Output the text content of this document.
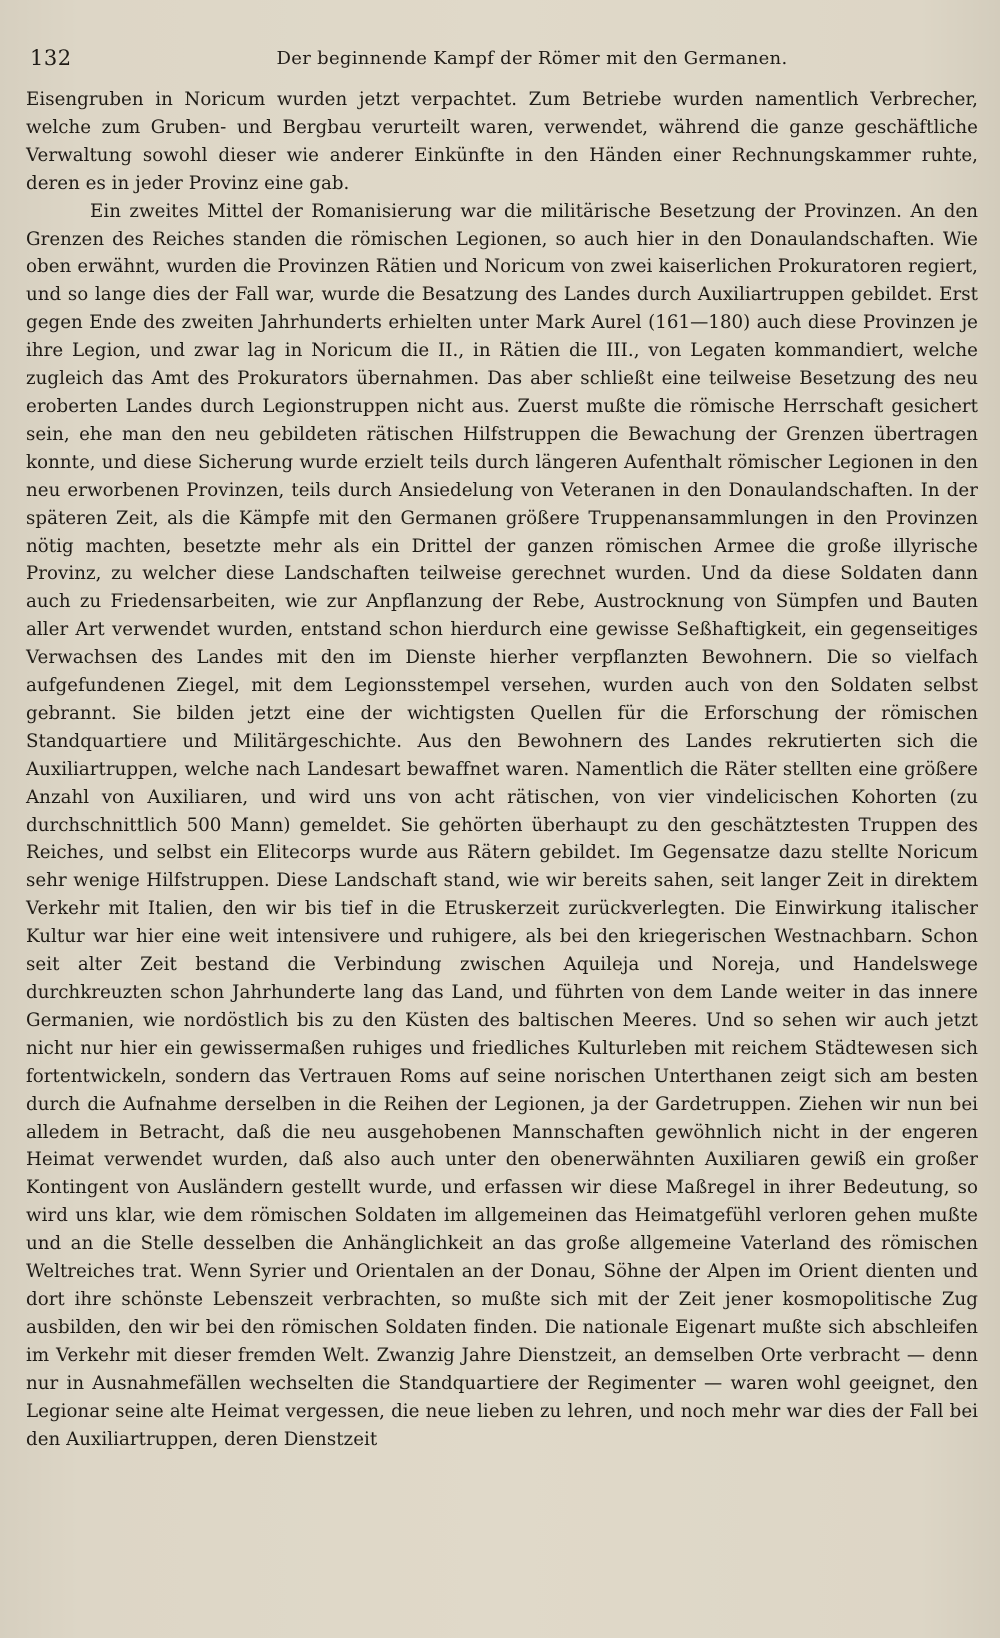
132	Der beginnende Kampf der Römer mit den Germanen.

Eisengruben in Noricum wurden jetzt verpachtet. Zum Betriebe wurden namentlich Verbrecher, welche zum Gruben- und Bergbau verurteilt waren, verwendet, während die ganze geschäftliche Verwaltung sowohl dieser wie anderer Einkünfte in den Händen einer Rechnungskammer ruhte, deren es in jeder Provinz eine gab.

Ein zweites Mittel der Romanisierung war die militärische Besetzung der Provinzen. An den Grenzen des Reiches standen die römischen Legionen, so auch hier in den Donaulandschaften. Wie oben erwähnt, wurden die Provinzen Rätien und Noricum von zwei kaiserlichen Prokuratoren regiert, und so lange dies der Fall war, wurde die Besatzung des Landes durch Auxiliartruppen gebildet. Erst gegen Ende des zweiten Jahrhunderts erhielten unter Mark Aurel (161—180) auch diese Provinzen je ihre Legion, und zwar lag in Noricum die II., in Rätien die III., von Legaten kommandiert, welche zugleich das Amt des Prokurators übernahmen. Das aber schließt eine teilweise Besetzung des neu eroberten Landes durch Legionstruppen nicht aus. Zuerst mußte die römische Herrschaft gesichert sein, ehe man den neu gebildeten rätischen Hilfstruppen die Bewachung der Grenzen übertragen konnte, und diese Sicherung wurde erzielt teils durch längeren Aufenthalt römischer Legionen in den neu erworbenen Provinzen, teils durch Ansiedelung von Veteranen in den Donaulandschaften. In der späteren Zeit, als die Kämpfe mit den Germanen größere Truppenansammlungen in den Provinzen nötig machten, besetzte mehr als ein Drittel der ganzen römischen Armee die große illyrische Provinz, zu welcher diese Landschaften teilweise gerechnet wurden. Und da diese Soldaten dann auch zu Friedensarbeiten, wie zur Anpflanzung der Rebe, Austrocknung von Sümpfen und Bauten aller Art verwendet wurden, entstand schon hierdurch eine gewisse Seßhaftigkeit, ein gegenseitiges Verwachsen des Landes mit den im Dienste hierher verpflanzten Bewohnern. Die so vielfach aufgefundenen Ziegel, mit dem Legionsstempel versehen, wurden auch von den Soldaten selbst gebrannt. Sie bilden jetzt eine der wichtigsten Quellen für die Erforschung der römischen Standquartiere und Militärgeschichte. Aus den Bewohnern des Landes rekrutierten sich die Auxiliartruppen, welche nach Landesart bewaffnet waren. Namentlich die Räter stellten eine größere Anzahl von Auxiliaren, und wird uns von acht rätischen, von vier vindelicischen Kohorten (zu durchschnittlich 500 Mann) gemeldet. Sie gehörten überhaupt zu den geschätztesten Truppen des Reiches, und selbst ein Elitecorps wurde aus Rätern gebildet. Im Gegensatze dazu stellte Noricum sehr wenige Hilfstruppen. Diese Landschaft stand, wie wir bereits sahen, seit langer Zeit in direktem Verkehr mit Italien, den wir bis tief in die Etruskerzeit zurückverlegten. Die Einwirkung italischer Kultur war hier eine weit intensivere und ruhigere, als bei den kriegerischen Westnachbarn. Schon seit alter Zeit bestand die Verbindung zwischen Aquileja und Noreja, und Handelswege durchkreuzten schon Jahrhunderte lang das Land, und führten von dem Lande weiter in das innere Germanien, wie nordöstlich bis zu den Küsten des baltischen Meeres. Und so sehen wir auch jetzt nicht nur hier ein gewissermaßen ruhiges und friedliches Kulturleben mit reichem Städtewesen sich fortentwickeln, sondern das Vertrauen Roms auf seine norischen Unterthanen zeigt sich am besten durch die Aufnahme derselben in die Reihen der Legionen, ja der Gardetruppen. Ziehen wir nun bei alledem in Betracht, daß die neu ausgehobenen Mannschaften gewöhnlich nicht in der engeren Heimat verwendet wurden, daß also auch unter den obenerwähnten Auxiliaren gewiß ein großer Kontingent von Ausländern gestellt wurde, und erfassen wir diese Maßregel in ihrer Bedeutung, so wird uns klar, wie dem römischen Soldaten im allgemeinen das Heimatgefühl verloren gehen mußte und an die Stelle desselben die Anhänglichkeit an das große allgemeine Vaterland des römischen Weltreiches trat. Wenn Syrier und Orientalen an der Donau, Söhne der Alpen im Orient dienten und dort ihre schönste Lebenszeit verbrachten, so mußte sich mit der Zeit jener kosmopolitische Zug ausbilden, den wir bei den römischen Soldaten finden. Die nationale Eigenart mußte sich abschleifen im Verkehr mit dieser fremden Welt. Zwanzig Jahre Dienstzeit, an demselben Orte verbracht — denn nur in Ausnahmefällen wechselten die Standquartiere der Regimenter — waren wohl geeignet, den Legionar seine alte Heimat vergessen, die neue lieben zu lehren, und noch mehr war dies der Fall bei den Auxiliartruppen, deren Dienstzeit
